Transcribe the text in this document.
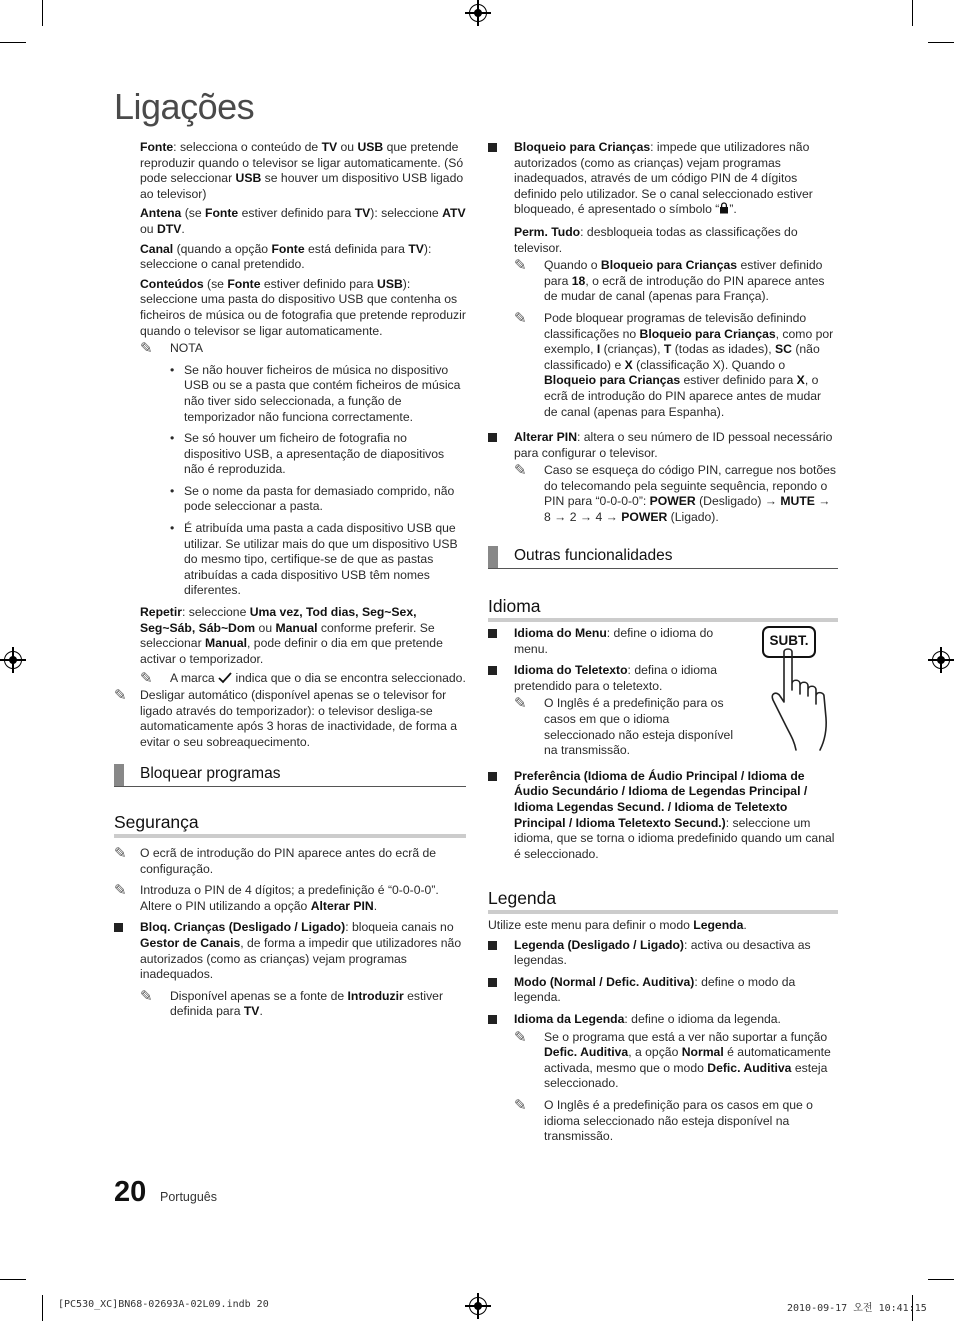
Ligações

Fonte: selecciona o conteúdo de TV ou USB que pretende reproduzir quando o televisor se ligar automaticamente. (Só pode seleccionar USB se houver um dispositivo USB ligado ao televisor)

Antena (se Fonte estiver definido para TV): seleccione ATV ou DTV.

Canal (quando a opção Fonte está definida para TV): seleccione o canal pretendido.

Conteúdos (se Fonte estiver definido para USB): seleccione uma pasta do dispositivo USB que contenha os ficheiros de música ou de fotografia que pretende reproduzir quando o televisor se ligar automaticamente.

✎ NOTA
• Se não houver ficheiros de música no dispositivo USB ou se a pasta que contém ficheiros de música não tiver sido seleccionada, a função de temporizador não funciona correctamente.
• Se só houver um ficheiro de fotografia no dispositivo USB, a apresentação de diapositivos não é reproduzida.
• Se o nome da pasta for demasiado comprido, não pode seleccionar a pasta.
• É atribuída uma pasta a cada dispositivo USB que utilizar. Se utilizar mais do que um dispositivo USB do mesmo tipo, certifique-se de que as pastas atribuídas a cada dispositivo USB têm nomes diferentes.

Repetir: seleccione Uma vez, Tod dias, Seg~Sex, Seg~Sáb, Sáb~Dom ou Manual conforme preferir. Se seleccionar Manual, pode definir o dia em que pretende activar o temporizador.

✎ A marca  indica que o dia se encontra seleccionado.
✎ Desligar automático (disponível apenas se o televisor for ligado através do temporizador): o televisor desliga-se automaticamente após 3 horas de inactividade, de forma a evitar o seu sobreaquecimento.
Bloquear programas
Segurança
✎ O ecrã de introdução do PIN aparece antes do ecrã de configuração.
✎ Introduza o PIN de 4 dígitos; a predefinição é “0-0-0-0”. Altere o PIN utilizando a opção Alterar PIN.
Bloq. Crianças (Desligado / Ligado): bloqueia canais no Gestor de Canais, de forma a impedir que utilizadores não autorizados (como as crianças) vejam programas inadequados.
✎ Disponível apenas se a fonte de Introduzir estiver definida para TV.
Bloqueio para Crianças: impede que utilizadores não autorizados (como as crianças) vejam programas inadequados, através de um código PIN de 4 dígitos definido pelo utilizador. Se o canal seleccionado estiver bloqueado, é apresentado o símbolo “ ”.

Perm. Tudo: desbloqueia todas as classificações do televisor.

✎ Quando o Bloqueio para Crianças estiver definido para 18, o ecrã de introdução do PIN aparece antes de mudar de canal (apenas para França).
✎ Pode bloquear programas de televisão definindo classificações no Bloqueio para Crianças, como por exemplo, I (crianças), T (todas as idades), SC (não classificado) e X (classificação X). Quando o Bloqueio para Crianças estiver definido para X, o ecrã de introdução do PIN aparece antes de mudar de canal (apenas para Espanha).
Alterar PIN: altera o seu número de ID pessoal necessário para configurar o televisor.
✎ Caso se esqueça do código PIN, carregue nos botões do telecomando pela seguinte sequência, repondo o PIN para “0-0-0-0”: POWER (Desligado) → MUTE → 8 → 2 → 4 → POWER (Ligado).
Outras funcionalidades
Idioma
SUBT.
Idioma do Menu: define o idioma do menu.
Idioma do Teletexto: defina o idioma pretendido para o teletexto.
✎ O Inglês é a predefinição para os casos em que o idioma seleccionado não esteja disponível na transmissão.
Preferência (Idioma de Áudio Principal / Idioma de Áudio Secundário / Idioma de Legendas Principal / Idioma Legendas Secund. / Idioma de Teletexto Principal / Idioma Teletexto Secund.): seleccione um idioma, que se torna o idioma predefinido quando um canal é seleccionado.
Legenda

Utilize este menu para definir o modo Legenda.

Legenda (Desligado / Ligado): activa ou desactiva as legendas.
Modo (Normal / Defic. Auditiva): define o modo da legenda.
Idioma da Legenda: define o idioma da legenda.
✎ Se o programa que está a ver não suportar a função Defic. Auditiva, a opção Normal é automaticamente activada, mesmo que o modo Defic. Auditiva esteja seleccionado.
✎ O Inglês é a predefinição para os casos em que o idioma seleccionado não esteja disponível na transmissão.
20 Português
[PC530_XC]BN68-02693A-02L09.indb 20	2010-09-17 오전 10:41:15
